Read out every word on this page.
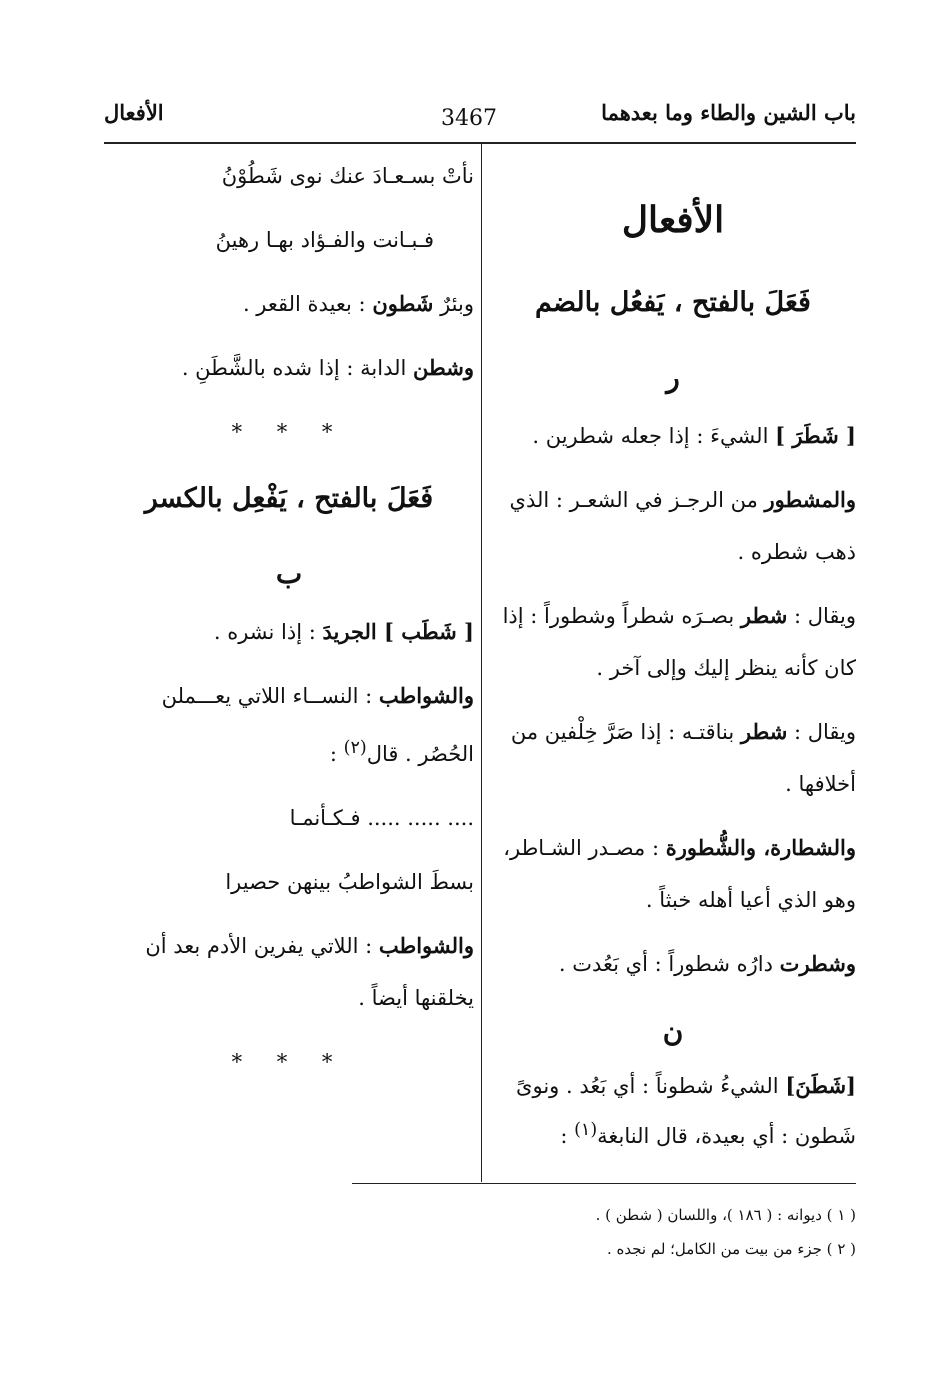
باب الشين والطاء وما بعدهما
3467
الأفعال
الأفعال
فَعَلَ بالفتح ، يَفعُل بالضم
ر

[ شَطَرَ ] الشيءَ : إذا جعله شطرين .

والمشطور من الرجـز في الشعـر : الذي ذهب شطره .

ويقال : شطر بصـرَه شطراً وشطوراً : إذا كان كأنه ينظر إليك وإلى آخر .

ويقال : شطر بناقتـه : إذا صَرَّ خِلْفين من أخلافها .

والشطارة، والشُّطورة : مصـدر الشـاطر، وهو الذي أعيا أهله خبثاً .

وشطرت دارُه شطوراً : أي بَعُدت .

ن

[شَطَنَ] الشيءُ شطوناً : أي بَعُد . ونوىً شَطون : أي بعيدة، قال النابغة$^{(١)}$ :

نأتْ بسـعـادَ عنك نوى شَطُوْنُ
فـبـانت والفـؤاد بهـا رهينُ

وبئرٌ شَطون : بعيدة القعر .

وشطن الدابة : إذا شده بالشَّطَنِ .

* * *
فَعَلَ بالفتح ، يَفْعِل بالكسر
ب

[ شَطَب ] الجريدَ : إذا نشره .

والشواطب : النســاء اللاتي يعـــملن الحُصُر . قال$^{(٢)}$ :

.... ..... ..... فـكـأنمـا
بسطَ الشواطبُ بينهن حصيرا

والشواطب : اللاتي يفرين الأدم بعد أن يخلقنها أيضاً .

* * *
( ١ ) ديوانه : ( ١٨٦ )، واللسان ( شطن ) .
( ٢ ) جزء من بيت من الكامل؛ لم نجده .
